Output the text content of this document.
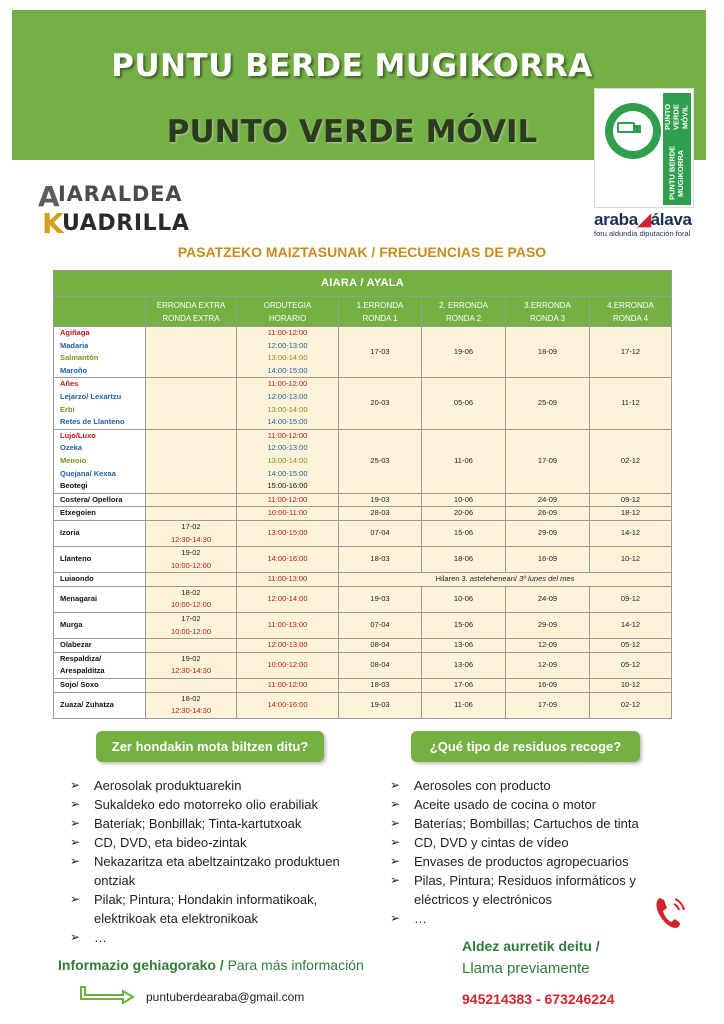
PUNTU BERDE MUGIKORRA
PUNTO VERDE MÓVIL
PUNTU BERDE MUGIKORRA
PUNTO VERDE MÓVIL
araba◢álava
foru aldundia diputación foral
A
IARALDEA
K
UADRILLA
PASATZEKO MAIZTASUNAK / FRECUENCIAS DE PASO
AIARA / AYALA						
	ERRONDA EXTRA
RONDA EXTRA	ORDUTEGIA
HORARIO	1.ERRONDA
RONDA 1	2. ERRONDA
RONDA 2	3.ERRONDA
RONDA 3	4.ERRONDA
RONDA 4

Agiñaga
Madaria
Salmantón
Maroño		11:00-12:00
12:00-13:00
13:00-14:00
14:00-15:00	17-03	19-06	18-09	17-12

Añes
Lejarzo/ Lexartzu
Erbi
Retes de Llanteno		11:00-12:00
12:00-13:00
13:00-14:00
14:00-15:00	20-03	05-06	25-09	11-12

Lujo/Luxo
Ozeka
Menoio
Quejana/ Kexaa
Beotegi		11:00-12:00
12:00-13:00
13:00-14:00
14:00-15:00
15:00-16:00	25-03	11-06	17-09	02-12
Costera/ Opellora		11:00-12:00	19-03	10-06	24-09	09-12
Etxegoien		10:00-11:00	28-03	20-06	26-09	18-12
Izoria	17-02
12:30-14:30	13:00-15:00	07-04	15-06	29-09	14-12
Llanteno	19-02
10:00-12:00	14:00-16:00	18-03	18-06	16-09	10-12
Luiaondo		11:00-13:00	Hilaren 3. astelehenean/ 3º lunes del mes			
Menagarai	18-02
10:00-12:00	12:00-14:00	19-03	10-06	24-09	09-12
Murga	17-02
10:00-12:00	11:00-13:00	07-04	15-06	29-09	14-12
Olabezar		12:00-13:00	08-04	13-06	12-09	05-12
Respaldiza/
Arespalditza	19-02
12:30-14:30	10:00-12:00	08-04	13-06	12-09	05-12
Sojo/ Soxo		11:00-12:00	18-03	17-06	16-09	10-12
Zuaza/ Zuhatza	18-02
12:30-14:30	14:00-16:00	19-03	11-06	17-09	02-12
Zer hondakin mota biltzen ditu?	¿Qué tipo de residuos recoge?
➢ Aerosolak produktuarekin
➢ Sukaldeko edo motorreko olio erabiliak
➢ Bateriak; Bonbillak; Tinta-kartutxoak
➢ CD, DVD, eta bideo-zintak
➢ Nekazaritza eta abeltzaintzako produktuen ontziak
➢ Pilak; Pintura; Hondakin informatikoak, elektrikoak eta elektronikoak
➢ …
➢ Aerosoles con producto
➢ Aceite usado de cocina o motor
➢ Baterías; Bombillas; Cartuchos de tinta
➢ CD, DVD y cintas de vídeo
➢ Envases de productos agropecuarios
➢ Pilas, Pintura; Residuos informáticos y eléctricos y electrónicos
➢ …
Informazio gehiagorako / Para más información
puntuberdearaba@gmail.com
Aldez aurretik deitu /
Llama previamente
945214383 - 673246224
